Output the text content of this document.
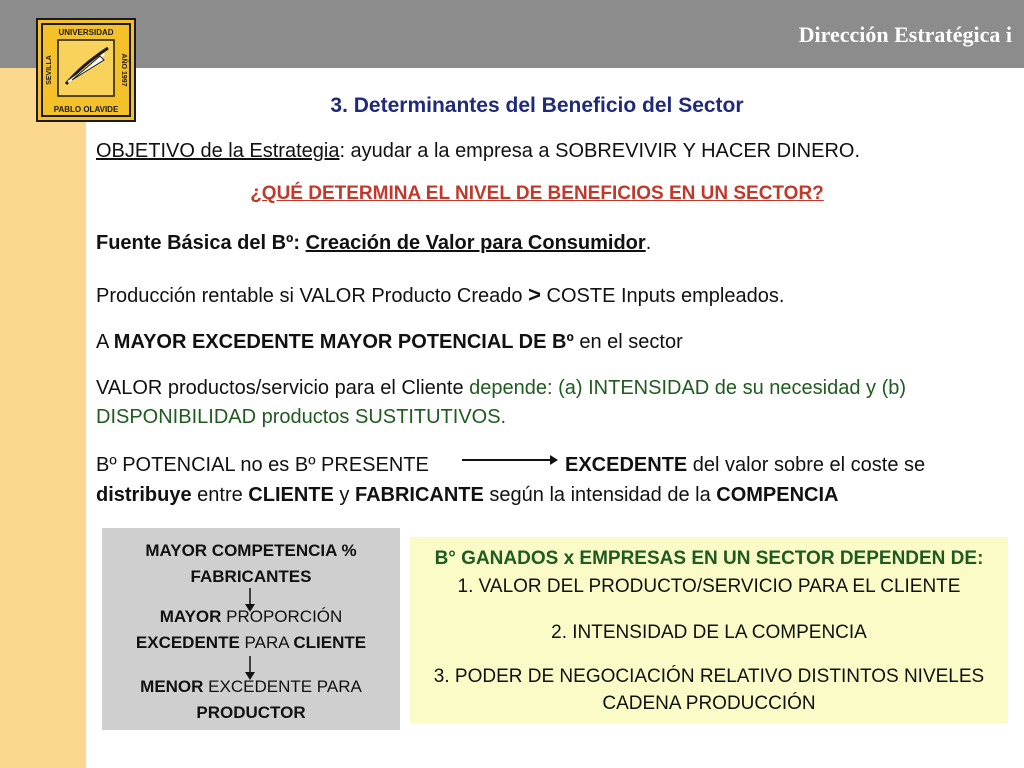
Dirección Estratégica i
UNIVERSIDAD
PABLO OLAVIDE
SEVILLA	AÑO 1997
3. Determinantes del Beneficio del Sector
OBJETIVO de la Estrategia: ayudar a la empresa a SOBREVIVIR Y HACER DINERO.
¿QUÉ DETERMINA EL NIVEL DE BENEFICIOS EN UN SECTOR?
Fuente Básica del Bº: Creación de Valor para Consumidor.
Producción rentable si VALOR Producto Creado > COSTE Inputs empleados.
A MAYOR EXCEDENTE MAYOR POTENCIAL DE Bº en el sector
VALOR productos/servicio para el Cliente depende: (a) INTENSIDAD de su necesidad y (b)
DISPONIBILIDAD productos SUSTITUTIVOS.
Bº POTENCIAL no es Bº PRESENTE	EXCEDENTE del valor sobre el coste se
distribuye entre CLIENTE y FABRICANTE según la intensidad de la COMPENCIA
MAYOR COMPETENCIA %
FABRICANTES
MAYOR PROPORCIÓN
EXCEDENTE PARA CLIENTE
MENOR EXCEDENTE PARA
PRODUCTOR
B° GANADOS x EMPRESAS EN UN SECTOR DEPENDEN DE:
1. VALOR DEL PRODUCTO/SERVICIO PARA EL CLIENTE
2. INTENSIDAD DE LA COMPENCIA
3. PODER DE NEGOCIACIÓN RELATIVO DISTINTOS NIVELES
CADENA PRODUCCIÓN
